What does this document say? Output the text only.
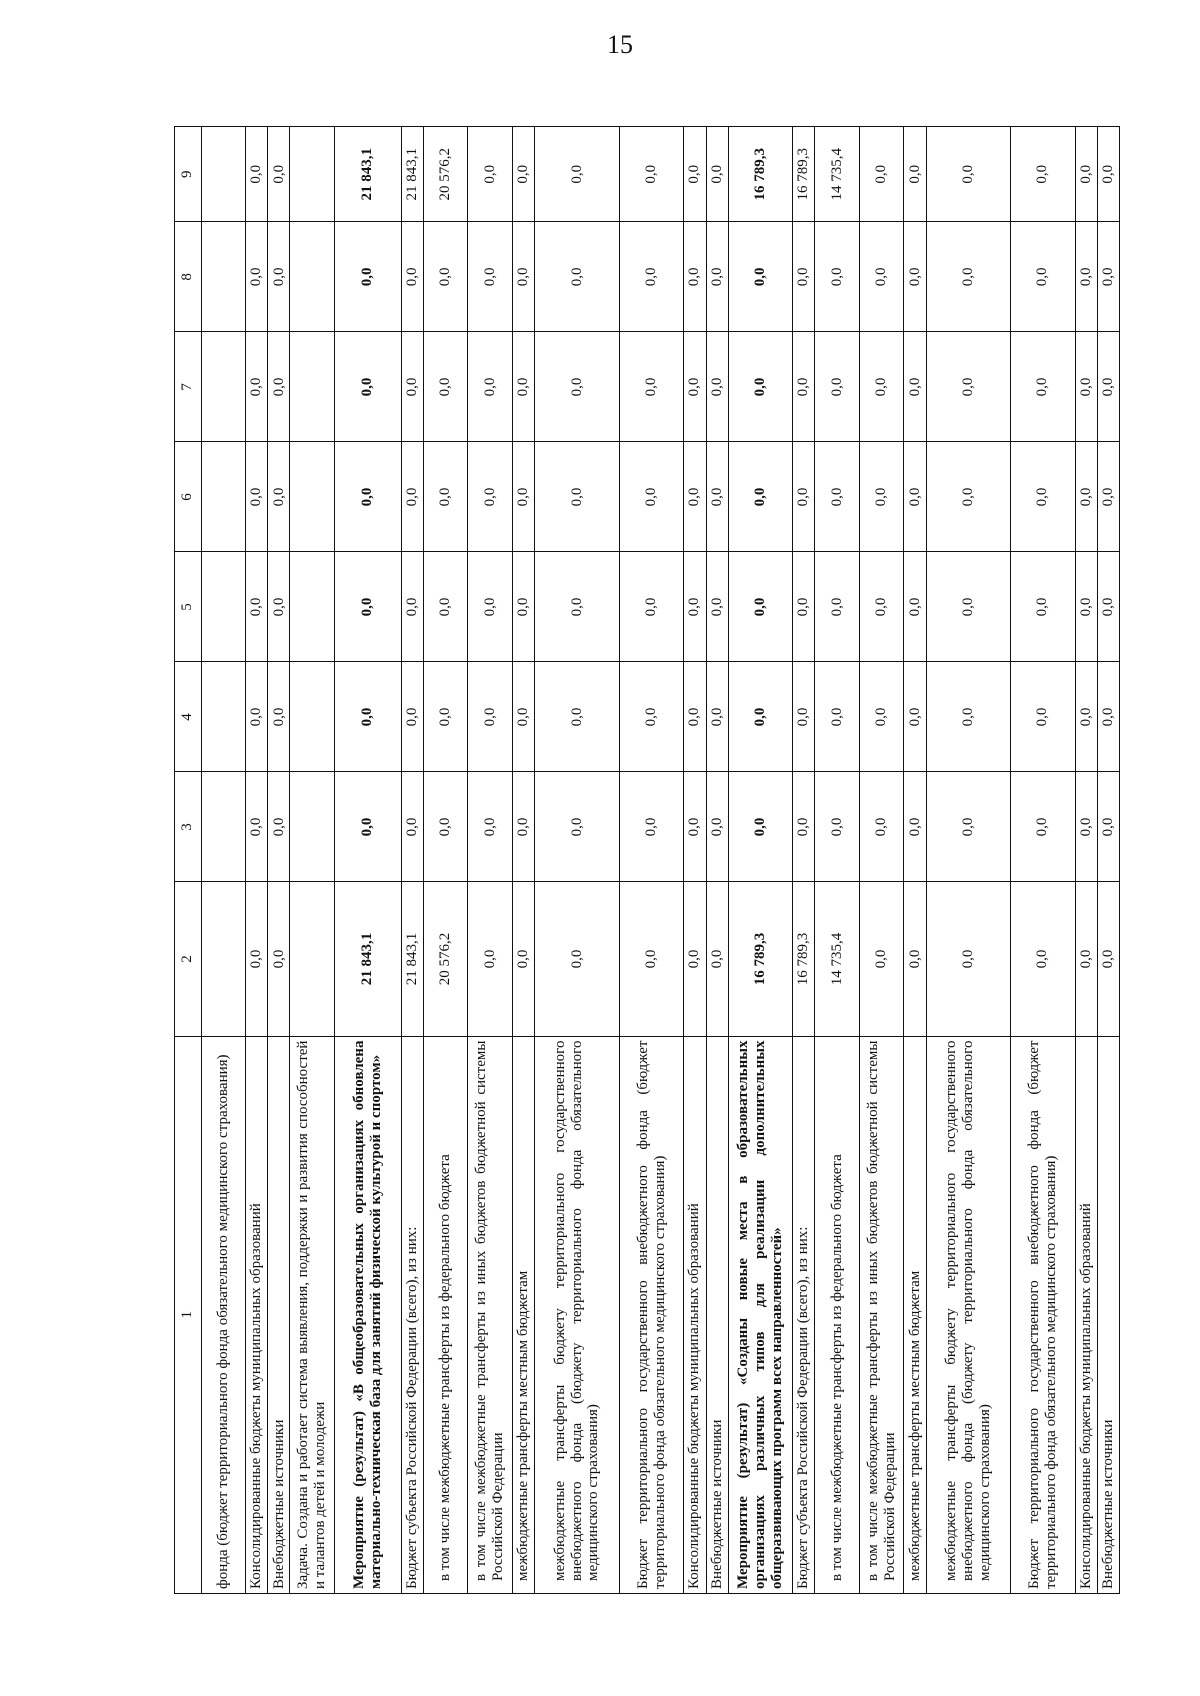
15
1	2	3	4	5	6	7	8	9
фонда (бюджет территориального фонда обязательного медицинского страхования)								
Консолидированные бюджеты муниципальных образований	0,0	0,0	0,0	0,0	0,0	0,0	0,0	0,0
Внебюджетные источники	0,0	0,0	0,0	0,0	0,0	0,0	0,0	0,0
Задача. Создана и работает система выявления, поддержки и развития способностей и талантов детей и молодежи								
Мероприятие (результат) «В общеобразовательных организациях обновлена материально-техническая база для занятий физической культурой и спортом»	21 843,1	0,0	0,0	0,0	0,0	0,0	0,0	21 843,1
Бюджет субъекта Российской Федерации (всего), из них:	21 843,1	0,0	0,0	0,0	0,0	0,0	0,0	21 843,1
в том числе межбюджетные трансферты из федерального бюджета	20 576,2	0,0	0,0	0,0	0,0	0,0	0,0	20 576,2
в том числе межбюджетные трансферты из иных бюджетов бюджетной системы Российской Федерации	0,0	0,0	0,0	0,0	0,0	0,0	0,0	0,0
межбюджетные трансферты местным бюджетам	0,0	0,0	0,0	0,0	0,0	0,0	0,0	0,0
межбюджетные трансферты бюджету территориального государственного внебюджетного фонда (бюджету территориального фонда обязательного медицинского страхования)	0,0	0,0	0,0	0,0	0,0	0,0	0,0	0,0
Бюджет территориального государственного внебюджетного фонда (бюджет территориального фонда обязательного медицинского страхования)	0,0	0,0	0,0	0,0	0,0	0,0	0,0	0,0
Консолидированные бюджеты муниципальных образований	0,0	0,0	0,0	0,0	0,0	0,0	0,0	0,0
Внебюджетные источники	0,0	0,0	0,0	0,0	0,0	0,0	0,0	0,0
Мероприятие (результат) «Созданы новые места в образовательных организациях различных типов для реализации дополнительных общеразвивающих программ всех направленностей»	16 789,3	0,0	0,0	0,0	0,0	0,0	0,0	16 789,3
Бюджет субъекта Российской Федерации (всего), из них:	16 789,3	0,0	0,0	0,0	0,0	0,0	0,0	16 789,3
в том числе межбюджетные трансферты из федерального бюджета	14 735,4	0,0	0,0	0,0	0,0	0,0	0,0	14 735,4
в том числе межбюджетные трансферты из иных бюджетов бюджетной системы Российской Федерации	0,0	0,0	0,0	0,0	0,0	0,0	0,0	0,0
межбюджетные трансферты местным бюджетам	0,0	0,0	0,0	0,0	0,0	0,0	0,0	0,0
межбюджетные трансферты бюджету территориального государственного внебюджетного фонда (бюджету территориального фонда обязательного медицинского страхования)	0,0	0,0	0,0	0,0	0,0	0,0	0,0	0,0
Бюджет территориального государственного внебюджетного фонда (бюджет территориального фонда обязательного медицинского страхования)	0,0	0,0	0,0	0,0	0,0	0,0	0,0	0,0
Консолидированные бюджеты муниципальных образований	0,0	0,0	0,0	0,0	0,0	0,0	0,0	0,0
Внебюджетные источники	0,0	0,0	0,0	0,0	0,0	0,0	0,0	0,0
